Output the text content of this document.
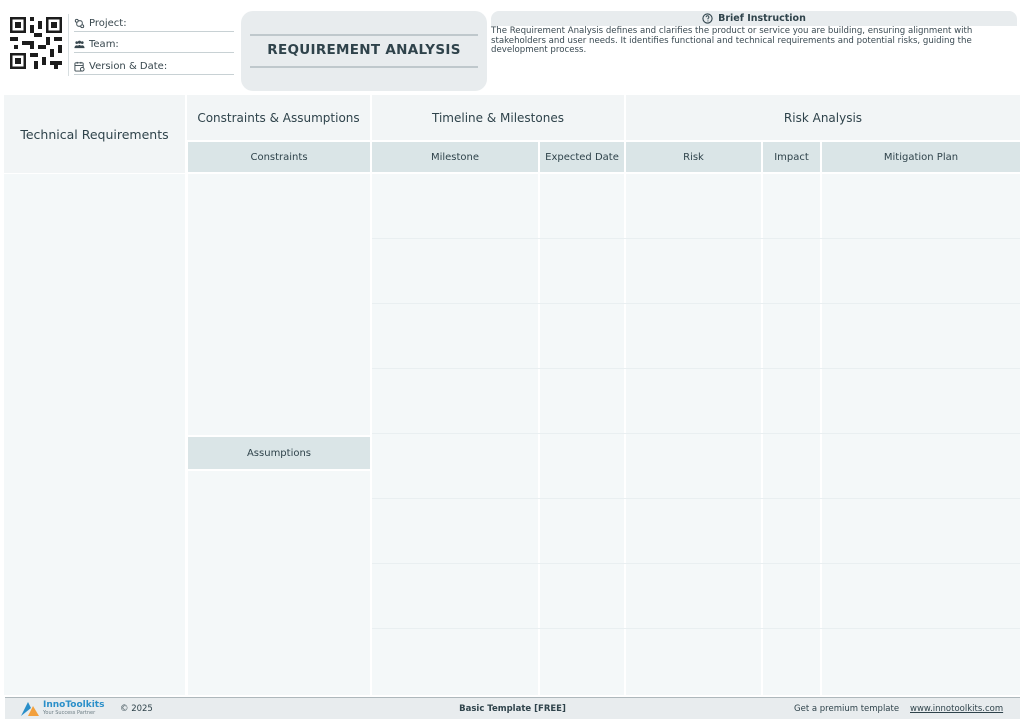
Project:
Team:
Version & Date:
REQUIREMENT ANALYSIS
Brief Instruction
The Requirement Analysis defines and clarifies the product or service you are building, ensuring alignment with stakeholders and user needs. It identifies functional and technical requirements and potential risks, guiding the development process.
Technical Requirements
Constraints & Assumptions	Timeline & Milestones	Risk Analysis
Constraints	Milestone	Expected Date	Risk	Impact	Mitigation Plan
Assumptions
InnoToolkits
Your Success Partner	© 2025	Basic Template [FREE]	Get a premium template www.innotoolkits.com
